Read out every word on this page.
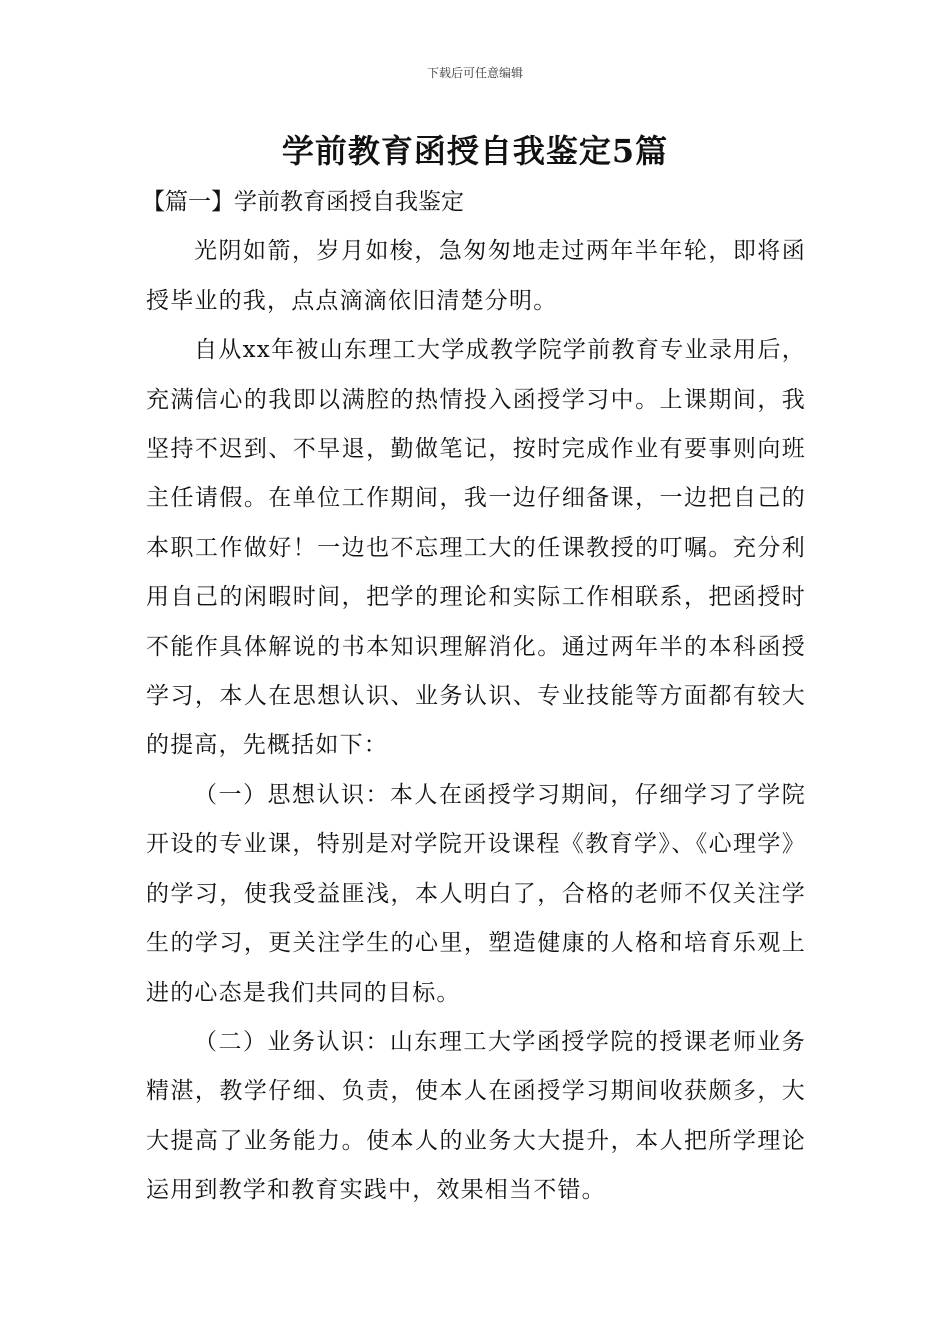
下载后可任意编辑
学前教育函授自我鉴定5篇
【篇一】学前教育函授自我鉴定

光阴如箭，岁月如梭，急匆匆地走过两年半年轮，即将函授毕业的我，点点滴滴依旧清楚分明。

自从xx年被山东理工大学成教学院学前教育专业录用后，充满信心的我即以满腔的热情投入函授学习中。上课期间，我坚持不迟到、不早退，勤做笔记，按时完成作业有要事则向班主任请假。在单位工作期间，我一边仔细备课，一边把自己的本职工作做好！一边也不忘理工大的任课教授的叮嘱。充分利用自己的闲暇时间，把学的理论和实际工作相联系，把函授时不能作具体解说的书本知识理解消化。通过两年半的本科函授学习，本人在思想认识、业务认识、专业技能等方面都有较大的提高，先概括如下：

（一）思想认识：本人在函授学习期间，仔细学习了学院开设的专业课，特别是对学院开设课程《教育学》、《心理学》的学习，使我受益匪浅，本人明白了，合格的老师不仅关注学生的学习，更关注学生的心里，塑造健康的人格和培育乐观上进的心态是我们共同的目标。

（二）业务认识：山东理工大学函授学院的授课老师业务精湛，教学仔细、负责，使本人在函授学习期间收获颇多，大大提高了业务能力。使本人的业务大大提升，本人把所学理论运用到教学和教育实践中，效果相当不错。
